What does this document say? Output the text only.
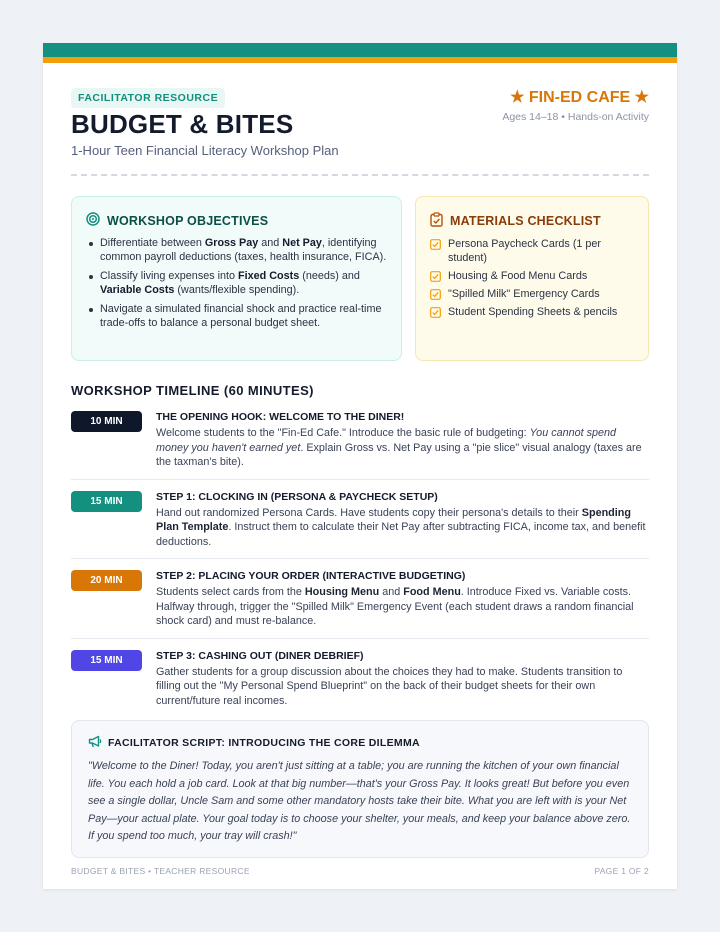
FACILITATOR RESOURCE
BUDGET & BITES
1-Hour Teen Financial Literacy Workshop Plan
★ FIN-ED CAFE ★
Ages 14–18 • Hands-on Activity
WORKSHOP OBJECTIVES
Differentiate between Gross Pay and Net Pay, identifying common payroll deductions (taxes, health insurance, FICA).
Classify living expenses into Fixed Costs (needs) and Variable Costs (wants/flexible spending).
Navigate a simulated financial shock and practice real-time trade-offs to balance a personal budget sheet.
MATERIALS CHECKLIST
Persona Paycheck Cards (1 per student)
Housing & Food Menu Cards
"Spilled Milk" Emergency Cards
Student Spending Sheets & pencils
WORKSHOP TIMELINE (60 MINUTES)
10 MIN	THE OPENING HOOK: WELCOME TO THE DINER!
Welcome students to the "Fin-Ed Cafe." Introduce the basic rule of budgeting: You cannot spend money you haven't earned yet. Explain Gross vs. Net Pay using a "pie slice" visual analogy (taxes are the taxman's bite).
15 MIN	STEP 1: CLOCKING IN (PERSONA & PAYCHECK SETUP)
Hand out randomized Persona Cards. Have students copy their persona's details to their Spending Plan Template. Instruct them to calculate their Net Pay after subtracting FICA, income tax, and benefit deductions.
20 MIN	STEP 2: PLACING YOUR ORDER (INTERACTIVE BUDGETING)
Students select cards from the Housing Menu and Food Menu. Introduce Fixed vs. Variable costs. Halfway through, trigger the "Spilled Milk" Emergency Event (each student draws a random financial shock card) and must re-balance.
15 MIN	STEP 3: CASHING OUT (DINER DEBRIEF)
Gather students for a group discussion about the choices they had to make. Students transition to filling out the "My Personal Spend Blueprint" on the back of their budget sheets for their own current/future real incomes.
FACILITATOR SCRIPT: INTRODUCING THE CORE DILEMMA
"Welcome to the Diner! Today, you aren't just sitting at a table; you are running the kitchen of your own financial life. You each hold a job card. Look at that big number—that's your Gross Pay. It looks great! But before you even see a single dollar, Uncle Sam and some other mandatory hosts take their bite. What you are left with is your Net Pay—your actual plate. Your goal today is to choose your shelter, your meals, and keep your balance above zero. If you spend too much, your tray will crash!"
BUDGET & BITES • TEACHER RESOURCE	PAGE 1 OF 2
